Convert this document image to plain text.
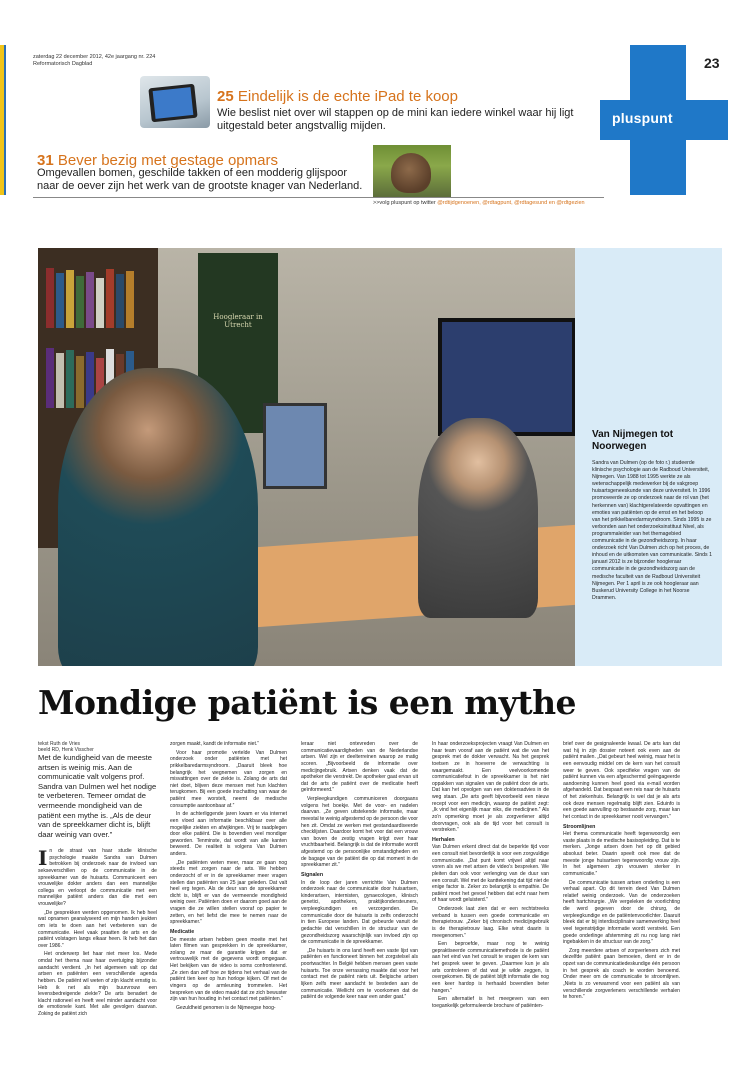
zaterdag 22 december 2012, 42e jaargang nr. 224
Reformatorisch Dagblad	23
pluspunt
25 Eindelijk is de echte iPad te koop
Wie beslist niet over wil stappen op de mini kan iedere winkel waar hij ligt uitgestald beter angstvallig mijden.
31 Bever bezig met gestage opmars
Omgevallen bomen, geschilde takken of een modderig glijspoor naar de oever zijn het werk van de grootste knager van Nederland.
>>volg pluspunt op twitter @rdtijdgenoenen, @rdtagpunt, @rdtagesund en @rdtgezien
Hoogleraar in Utrecht
Van Nijmegen tot Noorwegen
Sandra van Dulmen (op de foto r.) studeerde klinische psychologie aan de Radboud Universiteit, Nijmegen. Van 1988 tot 1995 werkte ze als wetenschappelijk medewerker bij de vakgroep huisartsgeneeskunde van deze universiteit. In 1996 promoveerde ze op onderzoek naar de rol van (het herkennen van) klachtgerelateerde opvattingen en emoties van patiënten op de ernst en het beloop van het prikkelbaredarmsyndroom. Sinds 1995 is ze verbonden aan het onderzoeksinstituut Nivel, als programmaleider van het themagebied communicatie in de gezondheidszorg. In haar onderzoek richt Van Dulmen zich op het proces, de inhoud en de uitkomsten van communicatie. Sinds 1 januari 2012 is ze bijzonder hoogleraar communicatie in de gezondheidszorg aan de medische faculteit van de Radboud Universiteit Nijmegen. Per 1 april is ze ook hoogleraar aan Buskerud University College in het Noorse Drammen.
Mondige patiënt is een mythe
tekst Ruth de Vries
beeld RD, Henk Visscher
Met de kundigheid van de meeste artsen is weinig mis. Aan de communicatie valt volgens prof. Sandra van Dulmen wel het nodige te verbeteren. Temeer omdat de vermeende mondigheid van de patiënt een mythe is. „Als de deur van de spreekkamer dicht is, blijft daar weinig van over.”

In de straat van haar studie klinische psychologie maakte Sandra van Dulmen betrokken bij onderzoek naar de invloed van sekseverschillen op de communicatie in de spreekkamer van de huisarts. Communiceert een vrouwelijke dokter anders dan een mannelijke collega en verloopt de communicatie met een mannelijke patiënt anders dan die met een vrouwelijke?

„De gesprekken werden opgenomen. Ik heb heel wat opnamen geanalyseerd en mijn handen jeukten om iets te doen aan het verbeteren van de communicatie. Heel vaak praatten de arts en de patiënt volstagen langs elkaar heen. Ik heb het dan over 1986.”

Het onderwerp liet haar niet meer los. Mede omdat het thema naar haar overtuiging bijzonder aandacht verdient. „In het algemeen valt op dat artsen en patiënten een verschillende agenda hebben. De patiënt wil weten of zijn klacht ernstig is. Heb ik net als mijn buurvrouw een levensbedreigende ziekte? De arts benadert de klacht rationeel en heeft veel minder aandacht voor de emotionele kant. Met alle gevolgen daarvan. Zoking de patiënt zich

zorgen maakt, kandt de informatie niet.”

Voor haar promotie vertelde Van Dulmen onderzoek onder patiënten met het prikkelbaredarmsyndroom. „Daaruit bleek hoe belangrijk het wegnemen van zorgen en misvattingen over de ziekte is. Zolang de arts dat niet doet, blijven deze mensen met hun klachten terugkomen. Bij een goede inschatting van waar de patiënt mee worstelt, neemt de medische consumptie aantoonbaar af.”

In de achterliggende jaren kwam er via internet een vloed aan informatie beschikbaar over alle mogelijke ziekten en afwijkingen. Vrij te raadplegen door elke patiënt. Die is bovendien veel mondiger geworden. Tenminste, dat wordt van alle kanten beweerd. De realiteit is volgens Van Dulmen anders.

„De patiënten weten meer, maar ze gaan nog steeds met zorgen naar de arts. We hebben onderzocht of er in de spreekkamer meer vragen stellen dan patiënten van 25 jaar geleden. Dat valt heel erg tegen. Als de deur van de spreekkamer dicht is, blijft er van de vermeende mondigheid weinig over. Patiënten doen er daarom goed aan de vragen die ze willen stellen vooraf op papier te zetten, en het liefst die mee te nemen naar de spreekkamer.”

Medicatie

De meeste artsen hebben geen moeite met het laten filmen van gesprekken in de spreekkamer, zolang ze maar de garantie krijgen dat er vertrouwelijk met de gegevens wordt omgegaan. Het bekijken van de video is soms confronterend. „Ze zien dan zelf hoe ze tijdens het verhaal van de patiënt tien keer op hun horloge kijken. Of met de vingers op de armleuning trommelen. Het bespreken van de video maakt dat ze zich bewuster zijn van hun houding in het contact met patiënten.”

Gezuldheid genomen is de Nijmeegse hoog-

leraar niet ontevreden over de communicatievaardigheden van de Nederlandse artsen. Wel zijn er deelterreinen waarop ze matig scoren. „Bijvoorbeeld de informatie over medicijngebruik. Artsen denken vaak dat de apotheker die verstrekt. De apotheker gaat ervan uit dat de arts de patiënt over de medicatie heeft geïnformeerd.”

Verpleegkundigen communiceren doorgaans volgens het boekje. Met de voor- en nadelen daarvan. „Ze geven uitstekende informatie, maar meestal te weinig afgestemd op de persoon die voor hen zit. Omdat ze werken met gestandaardiseerde checklijsten. Daardoor komt het voor dat een vrouw van boven de zestig vragen krijgt over haar vruchtbaarheid. Belangrijk is dat de informatie wordt afgestemd op de persoonlijke omstandigheden en de bagage van de patiënt die op dat moment in de spreekkamer zit.”

Signalen

In de loop der jaren verrichtte Van Dulmen onderzoek naar de communicatie door huisartsen, kinderartsen, internisten, gynaecologen, klinisch genetici, apothekers, praktijkondersteuners, verpleegkundigen en verzorgenden. De communicatie door de huisarts is zelfs onderzocht in tien Europese landen. Dat gebeurde vanuit de gedachte dat verschillen in de structuur van de gezondheidszorg waarschijnlijk van invloed zijn op de communicatie in de spreekkamer.

„De huisarts in ons land heeft een vaste lijst van patiënten en functioneert binnen het zorgstelsel als poortwachter. In België hebben mensen geen vaste huisarts. Toe onze verrassing maakte dat voor het contact met de patiënt niets uit. Belgische artsen lijken zelfs meer aandacht te besteden aan de communicatie. Wellicht om te voorkomen dat de patiënt de volgende keer naar een ander gaat.”

In haar onderzoeksprojecten vraagt Van Dulmen en haar team vooraf aan de patiënt wat die van het gesprek met de dokter verwacht. Na het gesprek toetsen ze in hoeverre de verwachting is waargemaakt. Een veelvoorkomende communicatiefout in de spreekkamer is het niet oppakken van signalen van de patiënt door de arts. Dat kan het opvolgen van een doktersadvies in de weg staan. „De arts geeft bijvoorbeeld een nieuw recept voor een medicijn, waarop de patiënt zegt: „Ik vind het eigenlijk maar niks, die medicijnen.” Als zo'n opmerking moet je als zorgverlener altijd doorvragen, ook als de tijd voor het consult is verstreken.”

Herhalen

Van Dulmen erkent direct dat de beperkte tijd voor een consult niet bevorderlijk is voor een zorgvuldige communicatie. „Dat punt komt vrijwel altijd naar voren als we met artsen de video's bespreken. We pleiten dan ook voor verlenging van de duur van een consult. Wel met de kanttekening dat tijd niet de enige factor is. Zeker zo belangrijk is empathie. De patiënt moet het gevoel hebben dat echt naar hem of haar wordt geluisterd.”

Onderzoek laat zien dat er een rechtstreeks verband is tussen een goede communicatie en therapietrouw. „Zeker bij chronisch medicijngebruik is de therapietrouw laag. Elke winst daarin is meegenomen.”

Een beproefde, maar nog te weinig gepraktiseerde communicatiemethode is de patiënt aan het eind van het consult te vragen de kern van het gesprek weer te geven. „Daarmee kun je als arts controleren of dat wat je wilde zeggen, is overgekomen. Bij de patiënt blijft informatie die nog een keer hardop is herhaald bovendien beter hangen.”

Een alternatief is het meegeven van een toegankelijk geformuleerde brochure of patiënten-

brief over de gesignaleerde kwaal. De arts kan dat wat hij in zijn dossier noteert ook even aan de patiënt mailen. „Dat gebeurt heel weinig, maar het is een eenvoudig middel om de kern van het consult weer te geven. Ook specifieke vragen van de patiënt kunnen via een afgeschermd geëngageerde aandoening kunnen heel goed via e-mail worden afgehandeld. Dat bespaart een reis naar de huisarts of het ziekenhuis. Belangrijk is wel dat je als arts ook deze mensen regelmatig blijft zien. Eduinfo is een goede aanvulling op bestaande zorg, maar kan het contact in de spreekkamer nooit vervangen.”

Stroomlijnen

Het thema communicatie heeft tegenwoordig een vaste plaats in de medische basisopleiding. Dat is te merken. „Jonge artsen doen het op dit gebied absoluut beter. Daarin speelt ook mee dat de meeste jonge huisartsen tegenwoordig vrouw zijn. In het algemeen zijn vrouwen sterker in communicatie.”

De communicatie tussen artsen onderling is een verhaal apart. Op dit terrein deed Van Dulmen relatief weinig onderzoek. Van de onderzoeken heeft hartchirurgie. „We vergeleken de voorlichting die werd gegeven door de chirurg, de verpleegkundige en de patiëntenvoorlichter. Daaruit bleek dat er bij interdisciplinaire samenwerking heel veel tegenstrijdige informatie wordt verstrekt. Een goede onderlinge afstemming zit nu nog lang niet ingebakken in de structuur van de zorg.”

Zorg meerdere artsen of zorgverleners zich met dezelfde patiënt gaan bemoeien, dient er in de opzet van de communicatiedeskundige één persoon in het gesprek als coach te worden benoemd. Onder meer om de communicatie te stroomlijnen. „Niets is zo verwarrend voor een patiënt als van verschillende zorgverleners verschillende verhalen te horen.”
